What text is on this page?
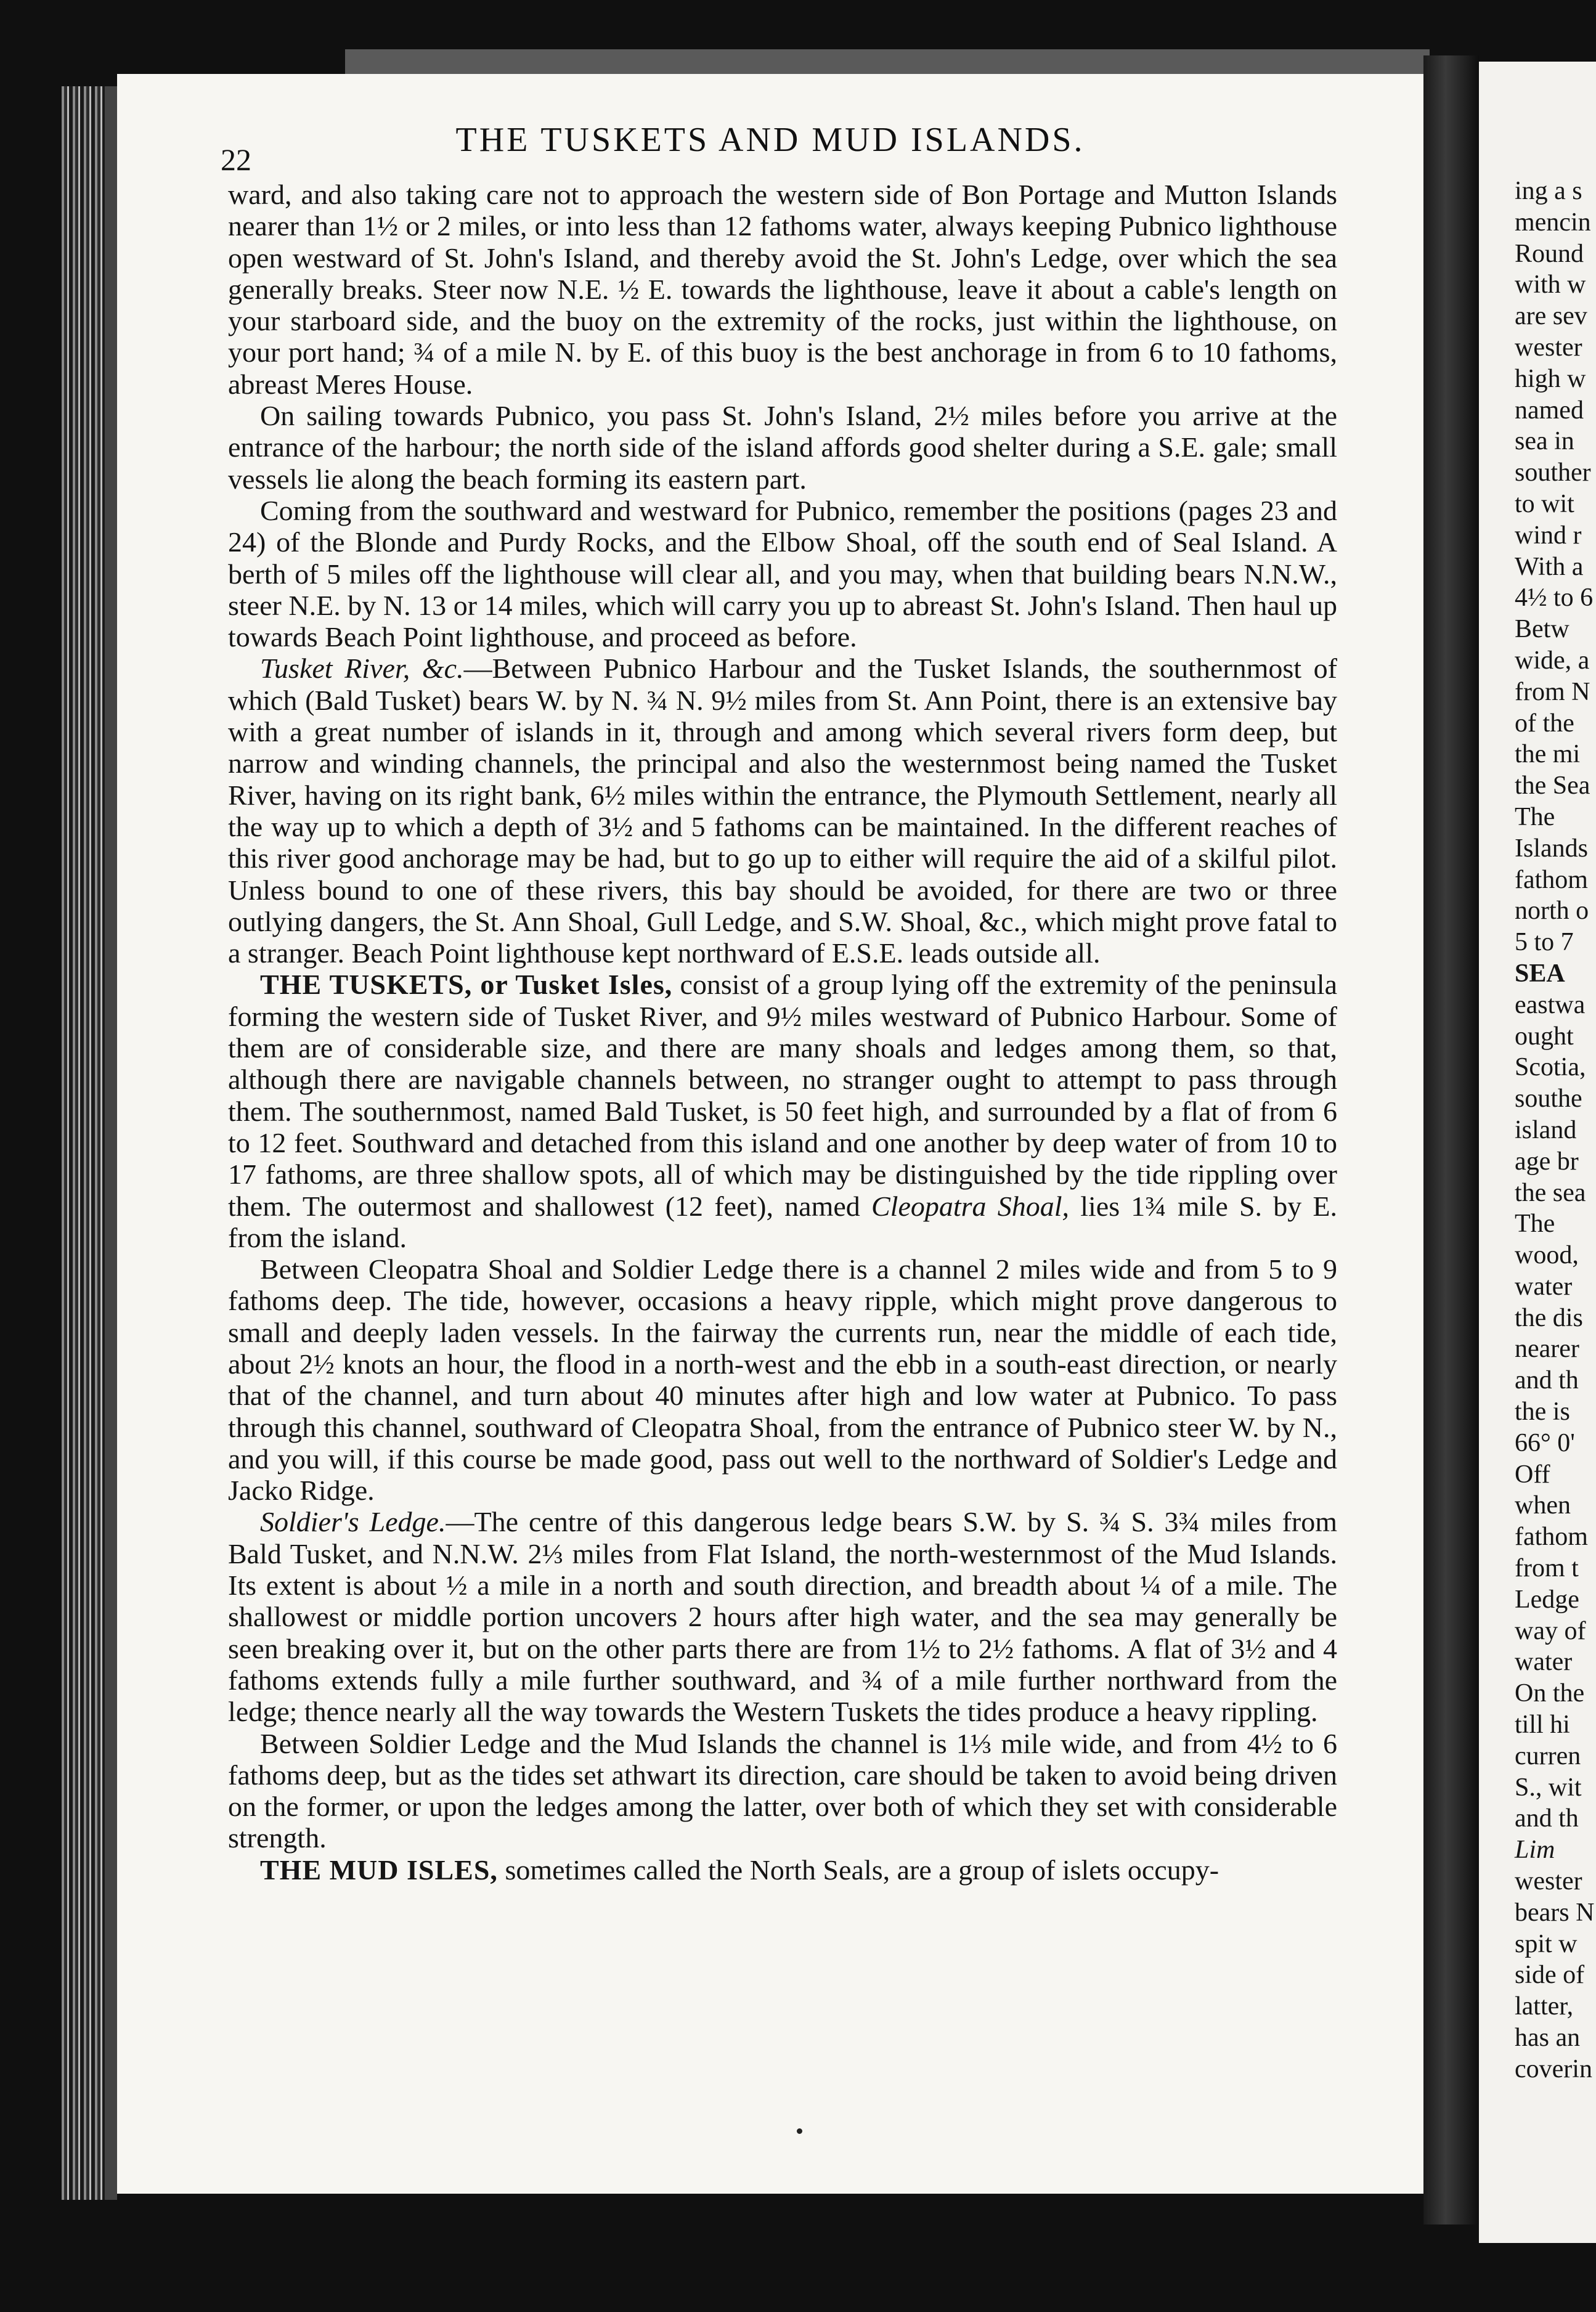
22
THE TUSKETS AND MUD ISLANDS.

ward, and also taking care not to approach the western side of Bon Portage and Mutton Islands nearer than 1½ or 2 miles, or into less than 12 fathoms water, always keeping Pubnico lighthouse open westward of St. John's Island, and thereby avoid the St. John's Ledge, over which the sea generally breaks. Steer now N.E. ½ E. towards the lighthouse, leave it about a cable's length on your starboard side, and the buoy on the extremity of the rocks, just within the lighthouse, on your port hand; ¾ of a mile N. by E. of this buoy is the best anchorage in from 6 to 10 fathoms, abreast Meres House.

On sailing towards Pubnico, you pass St. John's Island, 2½ miles before you arrive at the entrance of the harbour; the north side of the island affords good shelter during a S.E. gale; small vessels lie along the beach forming its eastern part.

Coming from the southward and westward for Pubnico, remember the positions (pages 23 and 24) of the Blonde and Purdy Rocks, and the Elbow Shoal, off the south end of Seal Island. A berth of 5 miles off the lighthouse will clear all, and you may, when that building bears N.N.W., steer N.E. by N. 13 or 14 miles, which will carry you up to abreast St. John's Island. Then haul up towards Beach Point lighthouse, and proceed as before.

Tusket River, &c.—Between Pubnico Harbour and the Tusket Islands, the southernmost of which (Bald Tusket) bears W. by N. ¾ N. 9½ miles from St. Ann Point, there is an extensive bay with a great number of islands in it, through and among which several rivers form deep, but narrow and winding channels, the principal and also the westernmost being named the Tusket River, having on its right bank, 6½ miles within the entrance, the Plymouth Settlement, nearly all the way up to which a depth of 3½ and 5 fathoms can be maintained. In the different reaches of this river good anchorage may be had, but to go up to either will require the aid of a skilful pilot. Unless bound to one of these rivers, this bay should be avoided, for there are two or three outlying dangers, the St. Ann Shoal, Gull Ledge, and S.W. Shoal, &c., which might prove fatal to a stranger. Beach Point lighthouse kept northward of E.S.E. leads outside all.

THE TUSKETS, or Tusket Isles, consist of a group lying off the extremity of the peninsula forming the western side of Tusket River, and 9½ miles westward of Pubnico Harbour. Some of them are of considerable size, and there are many shoals and ledges among them, so that, although there are navigable channels between, no stranger ought to attempt to pass through them. The southernmost, named Bald Tusket, is 50 feet high, and surrounded by a flat of from 6 to 12 feet. Southward and detached from this island and one another by deep water of from 10 to 17 fathoms, are three shallow spots, all of which may be distinguished by the tide rippling over them. The outermost and shallowest (12 feet), named Cleopatra Shoal, lies 1¾ mile S. by E. from the island.

Between Cleopatra Shoal and Soldier Ledge there is a channel 2 miles wide and from 5 to 9 fathoms deep. The tide, however, occasions a heavy ripple, which might prove dangerous to small and deeply laden vessels. In the fairway the currents run, near the middle of each tide, about 2½ knots an hour, the flood in a north-west and the ebb in a south-east direction, or nearly that of the channel, and turn about 40 minutes after high and low water at Pubnico. To pass through this channel, southward of Cleopatra Shoal, from the entrance of Pubnico steer W. by N., and you will, if this course be made good, pass out well to the northward of Soldier's Ledge and Jacko Ridge.

Soldier's Ledge.—The centre of this dangerous ledge bears S.W. by S. ¾ S. 3¾ miles from Bald Tusket, and N.N.W. 2⅓ miles from Flat Island, the north-westernmost of the Mud Islands. Its extent is about ½ a mile in a north and south direction, and breadth about ¼ of a mile. The shallowest or middle portion uncovers 2 hours after high water, and the sea may generally be seen breaking over it, but on the other parts there are from 1½ to 2½ fathoms. A flat of 3½ and 4 fathoms extends fully a mile further southward, and ¾ of a mile further northward from the ledge; thence nearly all the way towards the Western Tuskets the tides produce a heavy rippling.

Between Soldier Ledge and the Mud Islands the channel is 1⅓ mile wide, and from 4½ to 6 fathoms deep, but as the tides set athwart its direction, care should be taken to avoid being driven on the former, or upon the ledges among the latter, over both of which they set with considerable strength.

THE MUD ISLES, sometimes called the North Seals, are a group of islets occupy-

ing a s
mencin
Round
with w
are sev
wester
high w
named
sea in
souther
to wit
wind r
With a
4½ to 6
Betw
wide, a
from N
of the
the mi
the Sea
The
Islands
fathom
north o
5 to 7
SEA
eastwa
ought
Scotia,
southe
island
age br
the sea
The
wood,
water
the dis
nearer
and th
the is
66° 0'
Off
when
fathom
from t
Ledge
way of
water
On the
till hi
curren
S., wit
and th
Lim
wester
bears N
spit w
side of
latter,
has an
coverin
